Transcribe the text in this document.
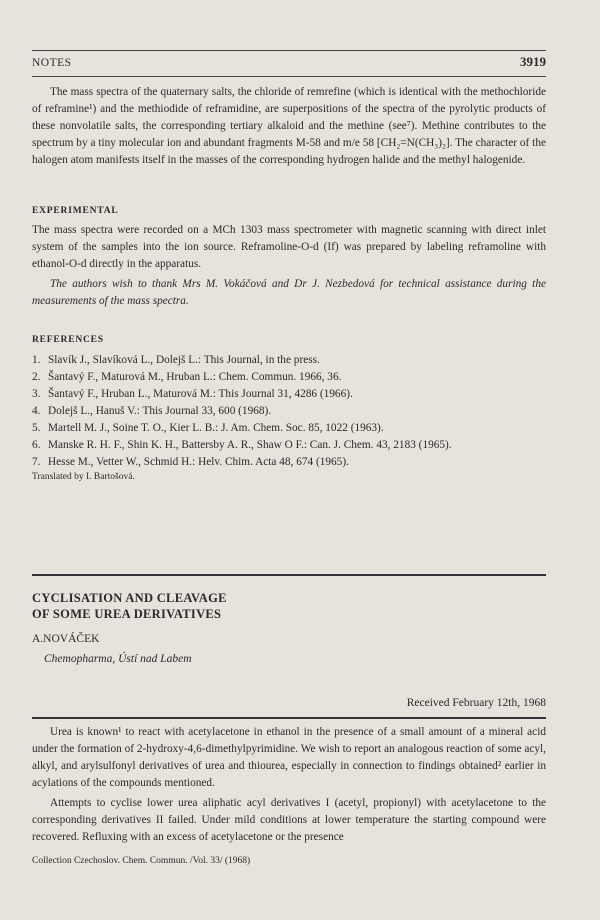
NOTES	3919

The mass spectra of the quaternary salts, the chloride of remrefine (which is identical with the methochloride of reframine¹) and the methiodide of reframidine, are superpositions of the spectra of the pyrolytic products of these nonvolatile salts, the corresponding tertiary alkaloid and the methine (see⁷). Methine contributes to the spectrum by a tiny molecular ion and abundant fragments M-58 and m/e 58 [CH₂=N(CH₃)₂]. The character of the halogen atom manifests itself in the masses of the corresponding hydrogen halide and the methyl halogenide.

EXPERIMENTAL

The mass spectra were recorded on a MCh 1303 mass spectrometer with magnetic scanning with direct inlet system of the samples into the ion source. Reframoline-O-d (If) was prepared by labeling reframoline with ethanol-O-d directly in the apparatus.

The authors wish to thank Mrs M. Vokáčová and Dr J. Nezbedová for technical assistance during the measurements of the mass spectra.

REFERENCES
1. Slavík J., Slavíková L., Dolejš L.: This Journal, in the press.
2. Šantavý F., Maturová M., Hruban L.: Chem. Commun. 1966, 36.
3. Šantavý F., Hruban L., Maturová M.: This Journal 31, 4286 (1966).
4. Dolejš L., Hanuš V.: This Journal 33, 600 (1968).
5. Martell M. J., Soine T. O., Kier L. B.: J. Am. Chem. Soc. 85, 1022 (1963).
6. Manske R. H. F., Shin K. H., Battersby A. R., Shaw O F.: Can. J. Chem. 43, 2183 (1965).
7. Hesse M., Vetter W., Schmid H.: Helv. Chim. Acta 48, 674 (1965).
Translated by I. Bartošová.
CYCLISATION AND CLEAVAGE
OF SOME UREA DERIVATIVES
A.NOVÁČEK
Chemopharma, Ústí nad Labem
Received February 12th, 1968

Urea is known¹ to react with acetylacetone in ethanol in the presence of a small amount of a mineral acid under the formation of 2-hydroxy-4,6-dimethylpyrimidine. We wish to report an analogous reaction of some acyl, alkyl, and arylsulfonyl derivatives of urea and thiourea, especially in connection to findings obtained² earlier in acylations of the compounds mentioned.

Attempts to cyclise lower urea aliphatic acyl derivatives I (acetyl, propionyl) with acetylacetone to the corresponding derivatives II failed. Under mild conditions at lower temperature the starting compound were recovered. Refluxing with an excess of acetylacetone or the presence

Collection Czechoslov. Chem. Commun. /Vol. 33/ (1968)
